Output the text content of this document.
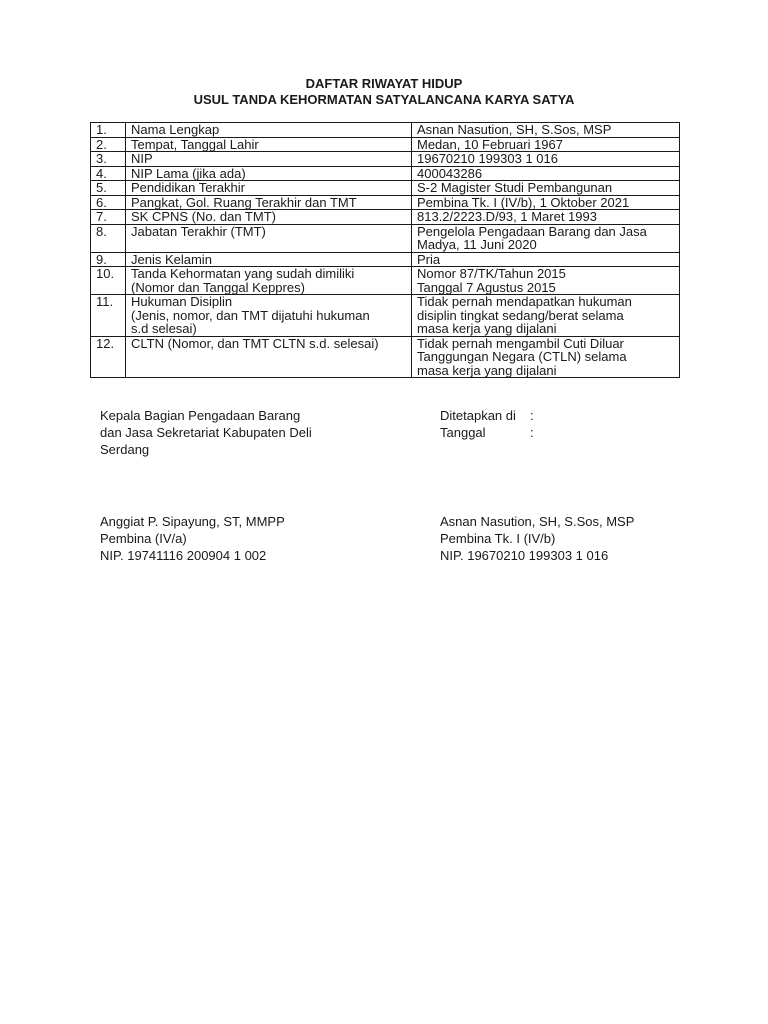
DAFTAR RIWAYAT HIDUP
USUL TANDA KEHORMATAN SATYALANCANA KARYA SATYA
1.	Nama Lengkap	Asnan Nasution, SH, S.Sos, MSP
2.	Tempat, Tanggal Lahir	Medan, 10 Februari 1967
3.	NIP	19670210 199303 1 016
4.	NIP Lama (jika ada)	400043286
5.	Pendidikan Terakhir	S-2 Magister Studi Pembangunan
6.	Pangkat, Gol. Ruang Terakhir dan TMT	Pembina Tk. I (IV/b), 1 Oktober 2021
7.	SK CPNS (No. dan TMT)	813.2/2223.D/93, 1 Maret 1993
8.	Jabatan Terakhir (TMT)	Pengelola Pengadaan Barang dan Jasa
Madya, 11 Juni 2020
9.	Jenis Kelamin	Pria
10.	Tanda Kehormatan yang sudah dimiliki
(Nomor dan Tanggal Keppres)	Nomor 87/TK/Tahun 2015
Tanggal 7 Agustus 2015
11.	Hukuman Disiplin
(Jenis, nomor, dan TMT dijatuhi hukuman
s.d selesai)	Tidak pernah mendapatkan hukuman
disiplin tingkat sedang/berat selama
masa kerja yang dijalani
12.	CLTN (Nomor, dan TMT CLTN s.d. selesai)	Tidak pernah mengambil Cuti Diluar
Tanggungan Negara (CTLN) selama
masa kerja yang dijalani
Kepala Bagian Pengadaan Barang
dan Jasa Sekretariat Kabupaten Deli
Serdang
Ditetapkan di	:
Tanggal	:
Anggiat P. Sipayung, ST, MMPP
Pembina (IV/a)
NIP. 19741116 200904 1 002
Asnan Nasution, SH, S.Sos, MSP
Pembina Tk. I (IV/b)
NIP. 19670210 199303 1 016
